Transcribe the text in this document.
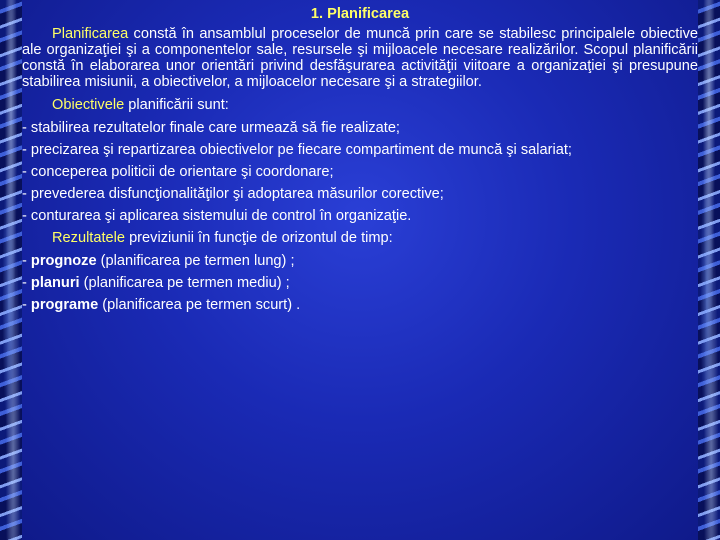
1. Planificarea

Planificarea constă în ansamblul proceselor de muncă prin care se stabilesc principalele obiective ale organizaţiei şi a componentelor sale, resursele şi mijloacele necesare realizărilor. Scopul planificării constă în elaborarea unor orientări privind desfăşurarea activităţii viitoare a organizaţiei şi presupune stabilirea misiunii, a obiectivelor, a mijloacelor necesare şi a strategiilor.

Obiectivele planificării sunt:

- stabilirea rezultatelor finale care urmează să fie realizate;
- precizarea şi repartizarea obiectivelor pe fiecare compartiment de muncă şi salariat;
- conceperea politicii de orientare şi coordonare;
- prevederea disfuncţionalităţilor şi adoptarea măsurilor corective;
- conturarea şi aplicarea sistemului de control în organizaţie.

Rezultatele previziunii în funcţie de orizontul de timp:

- prognoze (planificarea pe termen lung) ;
- planuri (planificarea pe termen mediu) ;
- programe (planificarea pe termen scurt) .
